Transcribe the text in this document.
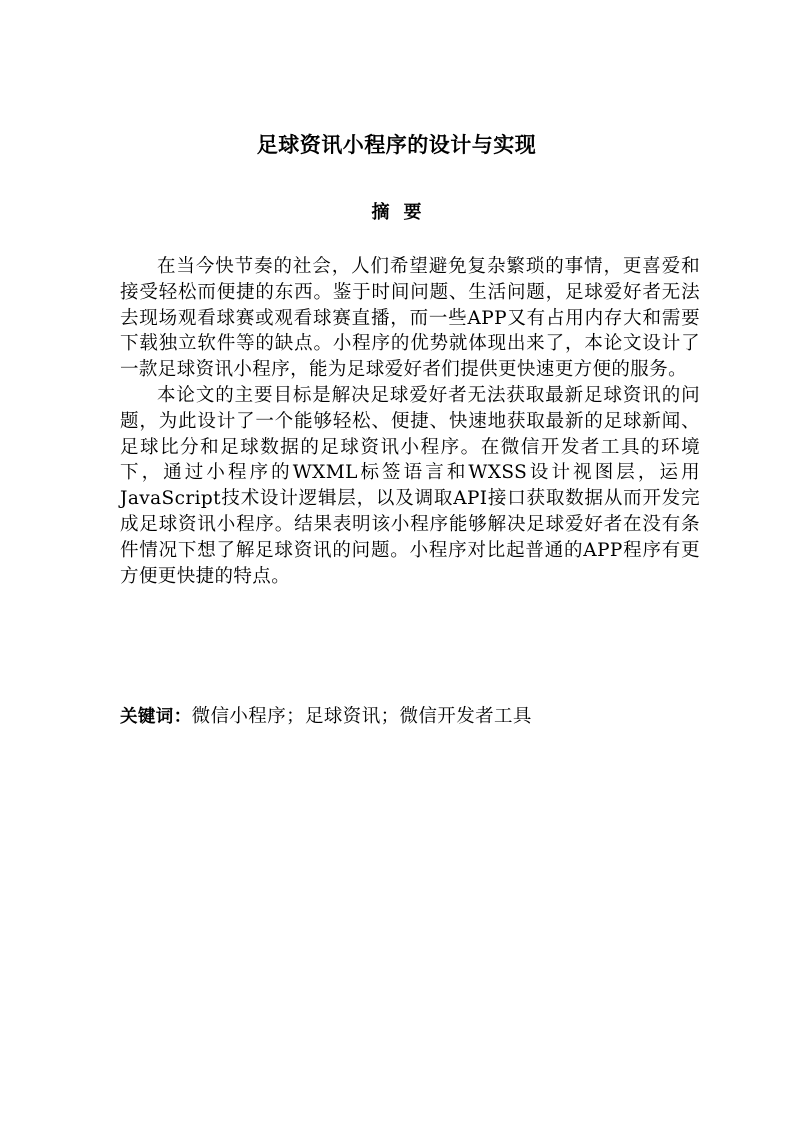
足球资讯小程序的设计与实现
摘 要

在当今快节奏的社会，人们希望避免复杂繁琐的事情，更喜爱和接受轻松而便捷的东西。鉴于时间问题、生活问题，足球爱好者无法去现场观看球赛或观看球赛直播，而一些APP又有占用内存大和需要下载独立软件等的缺点。小程序的优势就体现出来了，本论文设计了一款足球资讯小程序，能为足球爱好者们提供更快速更方便的服务。

本论文的主要目标是解决足球爱好者无法获取最新足球资讯的问题，为此设计了一个能够轻松、便捷、快速地获取最新的足球新闻、足球比分和足球数据的足球资讯小程序。在微信开发者工具的环境下，通过小程序的WXML标签语言和WXSS设计视图层，运用JavaScript技术设计逻辑层，以及调取API接口获取数据从而开发完成足球资讯小程序。结果表明该小程序能够解决足球爱好者在没有条件情况下想了解足球资讯的问题。小程序对比起普通的APP程序有更方便更快捷的特点。

关键词：微信小程序；足球资讯；微信开发者工具
